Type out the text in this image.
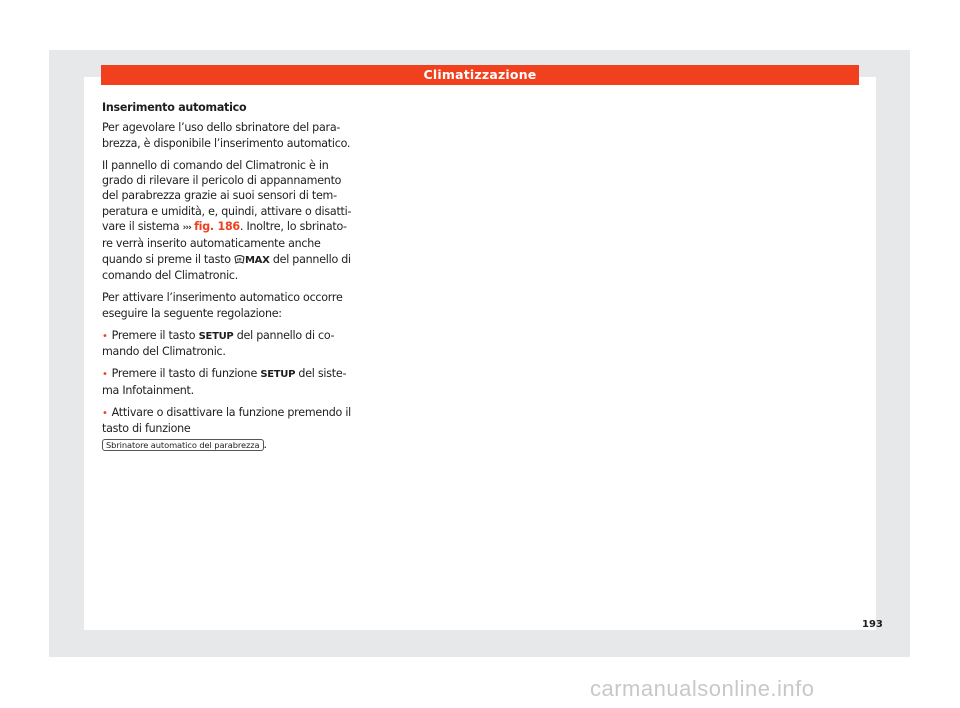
Climatizzazione
Inserimento automatico

Per agevolare l’uso dello sbrinatore del parabrezza, è disponibile l’inserimento automatico.

Il pannello di comando del Climatronic è in grado di rilevare il pericolo di appannamento del parabrezza grazie ai suoi sensori di temperatura e umidità, e, quindi, attivare o disattivare il sistema ››› fig. 186. Inoltre, lo sbrinatore verrà inserito automaticamente anche quando si preme il tasto MAX del pannello di comando del Climatronic.

Per attivare l’inserimento automatico occorre eseguire la seguente regolazione:

• Premere il tasto SETUP del pannello di comando del Climatronic.
• Premere il tasto di funzione SETUP del sistema Infotainment.
• Attivare o disattivare la funzione premendo il tasto di funzione Sbrinatore automatico del parabrezza .
193
carmanualsonline.info
